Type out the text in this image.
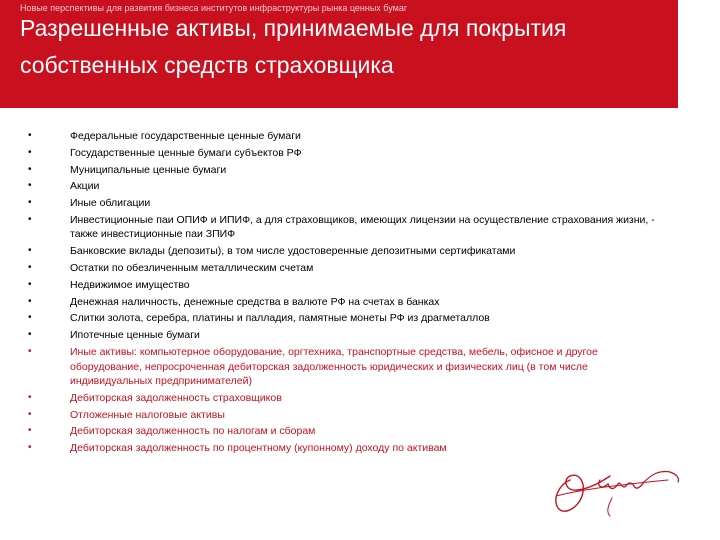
Новые перспективы для развития бизнеса институтов инфраструктуры рынка ценных бумаг
Разрешенные активы, принимаемые для покрытия собственных средств страховщика
•	Федеральные государственные ценные бумаги
•	Государственные ценные бумаги субъектов РФ
•	Муниципальные ценные бумаги
•	Акции
•	Иные облигации
•	Инвестиционные паи ОПИФ и ИПИФ, а для страховщиков, имеющих лицензии на осуществление страхования жизни, - также инвестиционные паи ЗПИФ
•	Банковские вклады (депозиты), в том числе удостоверенные депозитными сертификатами
•	Остатки по обезличенным металлическим счетам
•	Недвижимое имущество
•	Денежная наличность, денежные средства в валюте РФ на счетах в банках
•	Слитки золота, серебра, платины и палладия, памятные монеты РФ из драгметаллов
•	Ипотечные ценные бумаги
•	Иные активы: компьютерное оборудование, оргтехника, транспортные средства, мебель, офисное и другое оборудование, непросроченная дебиторская задолженность юридических и физических лиц (в том числе индивидуальных предпринимателей)
•	Дебиторская задолженность страховщиков
•	Отложенные налоговые активы
•	Дебиторская задолженность по налогам и сборам
•	Дебиторская задолженность по процентному (купонному) доходу по активам
